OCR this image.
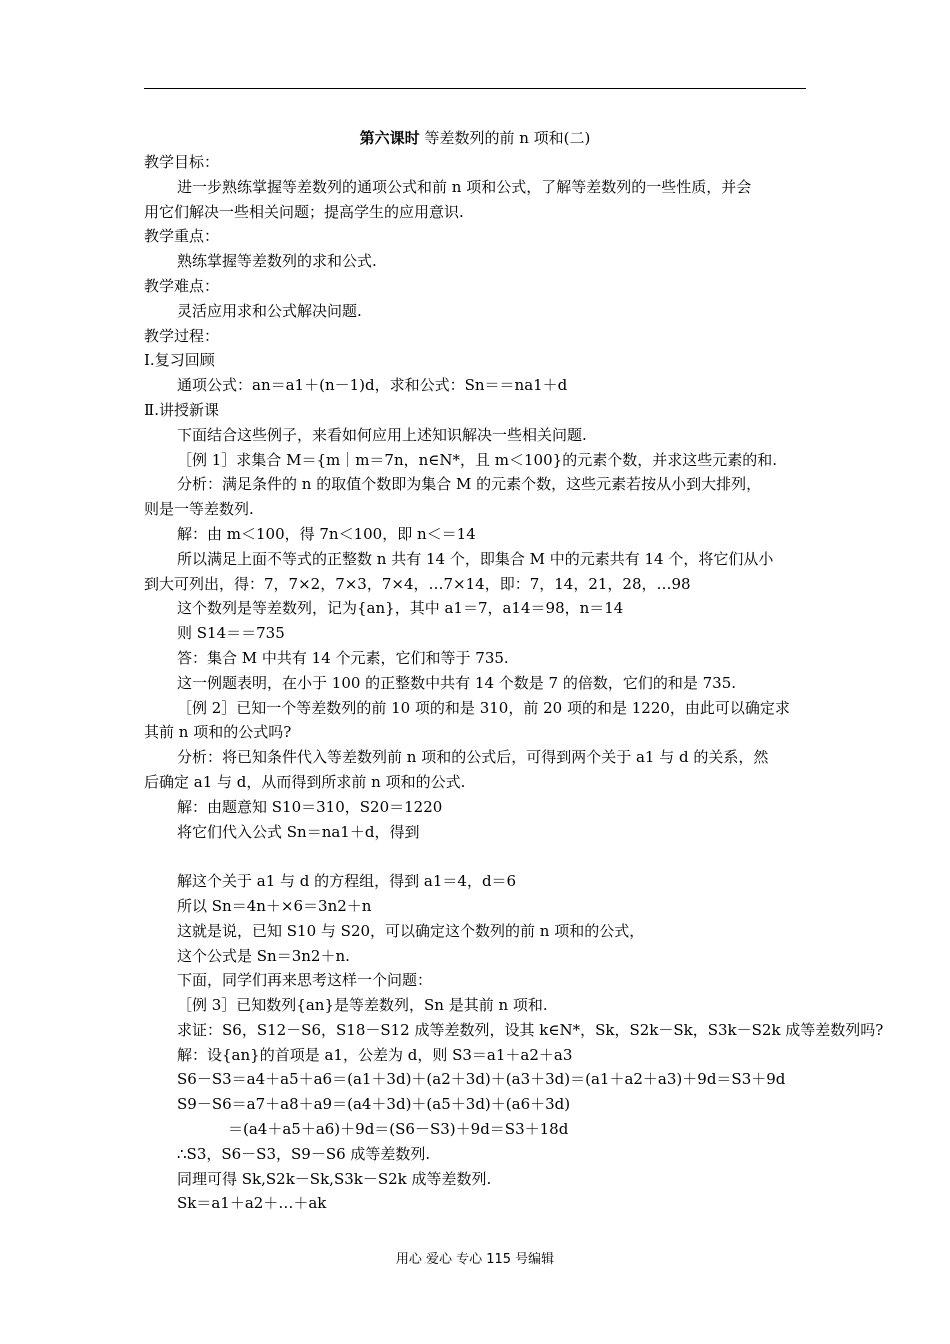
第六课时 等差数列的前 n 项和(二)
教学目标：
进一步熟练掌握等差数列的通项公式和前 n 项和公式，了解等差数列的一些性质，并会
用它们解决一些相关问题；提高学生的应用意识.
教学重点：
熟练掌握等差数列的求和公式.
教学难点：
灵活应用求和公式解决问题.
教学过程：
Ⅰ.复习回顾
通项公式：an＝a1＋(n－1)d，求和公式：Sn＝＝na1＋d
Ⅱ.讲授新课
下面结合这些例子，来看如何应用上述知识解决一些相关问题.
［例 1］求集合 M＝{m｜m＝7n，n∈N*，且 m＜100}的元素个数，并求这些元素的和.
分析：满足条件的 n 的取值个数即为集合 M 的元素个数，这些元素若按从小到大排列，
则是一等差数列.
解：由 m＜100，得 7n＜100，即 n＜＝14
所以满足上面不等式的正整数 n 共有 14 个，即集合 M 中的元素共有 14 个，将它们从小
到大可列出，得：7，7×2，7×3，7×4，…7×14，即：7，14，21，28，…98
这个数列是等差数列，记为{an}，其中 a1＝7，a14＝98，n＝14
则 S14＝＝735
答：集合 M 中共有 14 个元素，它们和等于 735.
这一例题表明，在小于 100 的正整数中共有 14 个数是 7 的倍数，它们的和是 735.
［例 2］已知一个等差数列的前 10 项的和是 310，前 20 项的和是 1220，由此可以确定求
其前 n 项和的公式吗?
分析：将已知条件代入等差数列前 n 项和的公式后，可得到两个关于 a1 与 d 的关系，然
后确定 a1 与 d，从而得到所求前 n 项和的公式.
解：由题意知 S10＝310，S20＝1220
将它们代入公式 Sn＝na1＋d，得到
解这个关于 a1 与 d 的方程组，得到 a1＝4，d＝6
所以 Sn＝4n＋×6＝3n2＋n
这就是说，已知 S10 与 S20，可以确定这个数列的前 n 项和的公式，
这个公式是 Sn＝3n2＋n.
下面，同学们再来思考这样一个问题：
［例 3］已知数列{an}是等差数列，Sn 是其前 n 项和.
求证：S6，S12－S6，S18－S12 成等差数列，设其 k∈N*，Sk，S2k－Sk，S3k－S2k 成等差数列吗?
解：设{an}的首项是 a1，公差为 d，则 S3＝a1＋a2＋a3
S6－S3＝a4＋a5＋a6＝(a1＋3d)＋(a2＋3d)＋(a3＋3d)＝(a1＋a2＋a3)＋9d＝S3＋9d
S9－S6＝a7＋a8＋a9＝(a4＋3d)＋(a5＋3d)＋(a6＋3d)
＝(a4＋a5＋a6)＋9d＝(S6－S3)＋9d＝S3＋18d
∴S3，S6－S3，S9－S6 成等差数列.
同理可得 Sk,S2k－Sk,S3k－S2k 成等差数列.
Sk＝a1＋a2＋…＋ak
用心 爱心 专心 115 号编辑
